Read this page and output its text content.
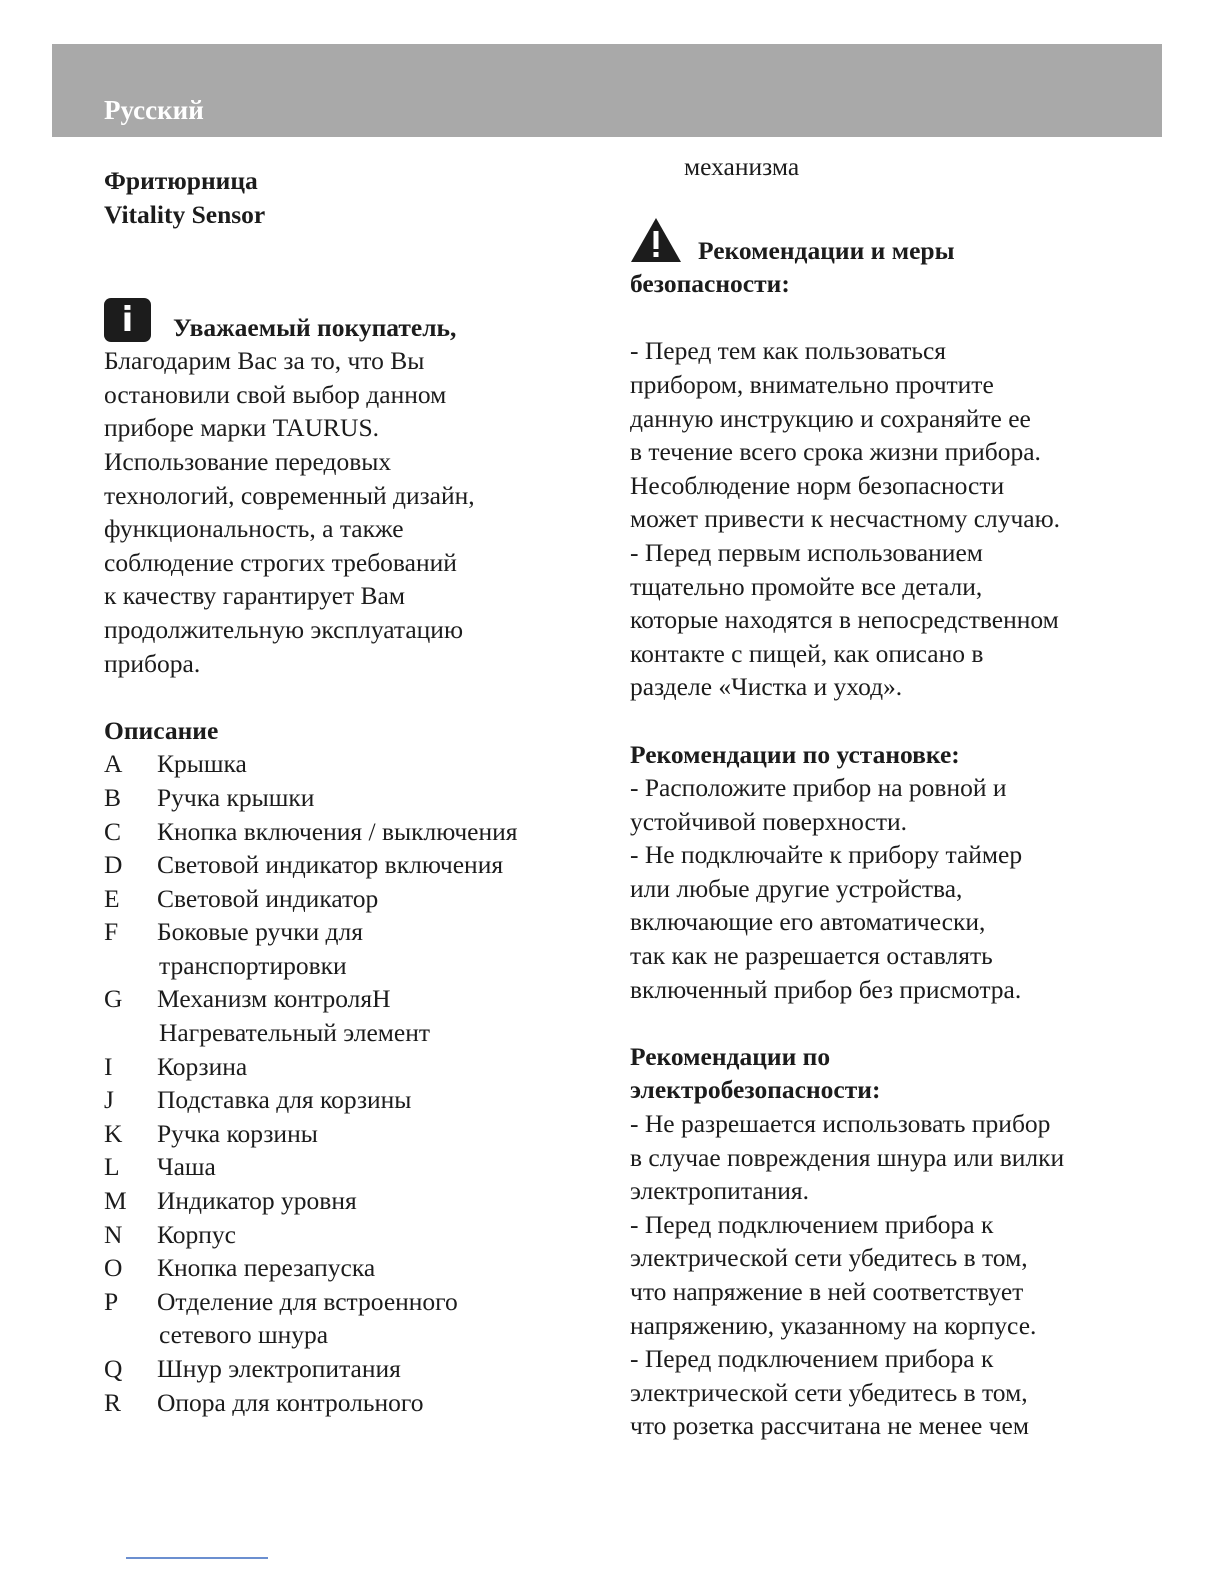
Русский

Фритюрница

Vitality Sensor

i	Уважаемый покупатель,

Благодарим Вас за то, что Вы

остановили свой выбор данном

приборе марки TAURUS.

Использование передовых

технологий, современный дизайн,

функциональность, а также

соблюдение строгих требований

к качеству гарантирует Вам

продолжительную эксплуатацию

прибора.

Описание

A	Крышка
B	Ручка крышки
C	Кнопка включения / выключения
D	Световой индикатор включения
E	Световой индикатор
F	Боковые ручки для
транспортировки
G	Механизм контроляН
Нагревательный элемент
I	Корзина
J	Подставка для корзины
K	Ручка корзины
L	Чаша
M	Индикатор уровня
N	Корпус
O	Кнопка перезапуска
P	Отделение для встроенного
сетевого шнура
Q	Шнур электропитания
R	Опора для контрольного

механизма

Рекомендации и меры

безопасности:

- Перед тем как пользоваться

прибором, внимательно прочтите

данную инструкцию и сохраняйте ее

в течение всего срока жизни прибора.

Несоблюдение норм безопасности

может привести к несчастному случаю.

- Перед первым использованием

тщательно промойте все детали,

которые находятся в непосредственном

контакте с пищей, как описано в

разделе «Чистка и уход».

Рекомендации по установке:

- Расположите прибор на ровной и

устойчивой поверхности.

- Не подключайте к прибору таймер

или любые другие устройства,

включающие его автоматически,

так как не разрешается оставлять

включенный прибор без присмотра.

Рекомендации по

электробезопасности:

- Не разрешается использовать прибор

в случае повреждения шнура или вилки

электропитания.

- Перед подключением прибора к

электрической сети убедитесь в том,

что напряжение в ней соответствует

напряжению, указанному на корпусе.

- Перед подключением прибора к

электрической сети убедитесь в том,

что розетка рассчитана не менее чем
